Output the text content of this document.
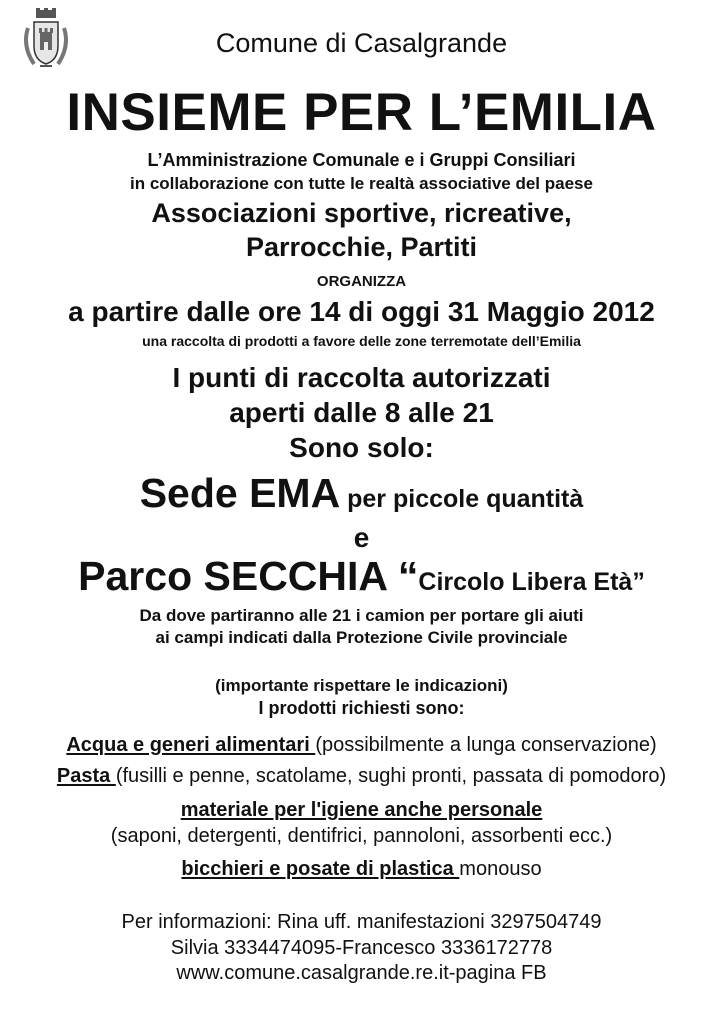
Comune di Casalgrande
INSIEME PER L’EMILIA
L’Amministrazione Comunale e i Gruppi Consiliari
in collaborazione con tutte le realtà associative del paese
Associazioni sportive, ricreative,
Parrocchie, Partiti
ORGANIZZA
a partire dalle ore 14 di oggi 31 Maggio 2012
una raccolta di prodotti a favore delle zone terremotate dell’Emilia
I punti di raccolta autorizzati
aperti dalle 8 alle 21
Sono solo:
Sede EMA per piccole quantità
e
Parco SECCHIA “Circolo Libera Età”
Da dove partiranno alle 21 i camion per portare gli aiuti
ai campi indicati dalla Protezione Civile provinciale
(importante rispettare le indicazioni)
I prodotti richiesti sono:
Acqua e generi alimentari (possibilmente a lunga conservazione)
Pasta (fusilli e penne, scatolame, sughi pronti, passata di pomodoro)
materiale per l'igiene anche personale
(saponi, detergenti, dentifrici, pannoloni, assorbenti ecc.)
bicchieri e posate di plastica monouso
Per informazioni: Rina uff. manifestazioni 3297504749
Silvia 3334474095-Francesco 3336172778
www.comune.casalgrande.re.it-pagina FB
